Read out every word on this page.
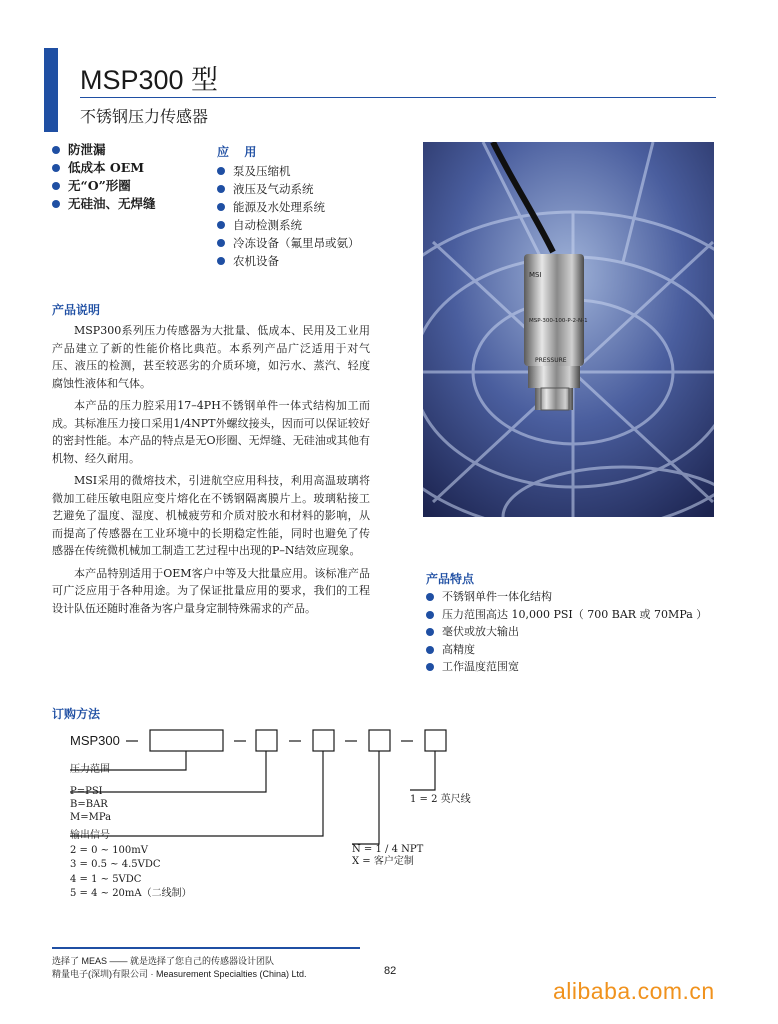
MSP300 型
不锈钢压力传感器
防泄漏
低成本 OEM
无“O”形圈
无硅油、无焊缝
应 用
泵及压缩机
液压及气动系统
能源及水处理系统
自动检测系统
冷冻设备（氟里昂或氨）
农机设备
MSI
MSP-300-100-P-2-N-1
PRESSURE
产品说明

MSP300系列压力传感器为大批量、低成本、民用及工业用产品建立了新的性能价格比典范。本系列产品广泛适用于对气压、液压的检测，甚至较恶劣的介质环境，如污水、蒸汽、轻度腐蚀性液体和气体。

本产品的压力腔采用17–4PH不锈钢单件一体式结构加工而成。其标准压力接口采用1/4NPT外螺纹接头，因而可以保证较好的密封性能。本产品的特点是无O形圈、无焊缝、无硅油或其他有机物、经久耐用。

MSI采用的微熔技术，引进航空应用科技，利用高温玻璃将微加工硅压敏电阻应变片熔化在不锈钢隔离膜片上。玻璃粘接工艺避免了温度、湿度、机械疲劳和介质对胶水和材料的影响，从而提高了传感器在工业环境中的长期稳定性能，同时也避免了传感器在传统微机械加工制造工艺过程中出现的P–N结效应现象。

本产品特别适用于OEM客户中等及大批量应用。该标准产品可广泛应用于各种用途。为了保证批量应用的要求，我们的工程设计队伍还随时准备为客户量身定制特殊需求的产品。

产品特点
不锈钢单件一体化结构
压力范围高达 10,000 PSI（ 700 BAR 或 70MPa ）
毫伏或放大输出
高精度
工作温度范围宽
订购方法
MSP300
压力范围
P=PSI
B=BAR
M=MPa
输出信号
2 = 0 ~ 100mV
3 = 0.5 ~ 4.5VDC
4 = 1 ~ 5VDC
5 = 4 ~ 20mA（二线制）
N = 1 / 4 NPT
X = 客户定制
1 = 2 英尺线
选择了 MEAS —— 就是选择了您自己的传感器设计团队
精量电子(深圳)有限公司 · Measurement Specialties (China) Ltd.	82
alibaba.com.cn
